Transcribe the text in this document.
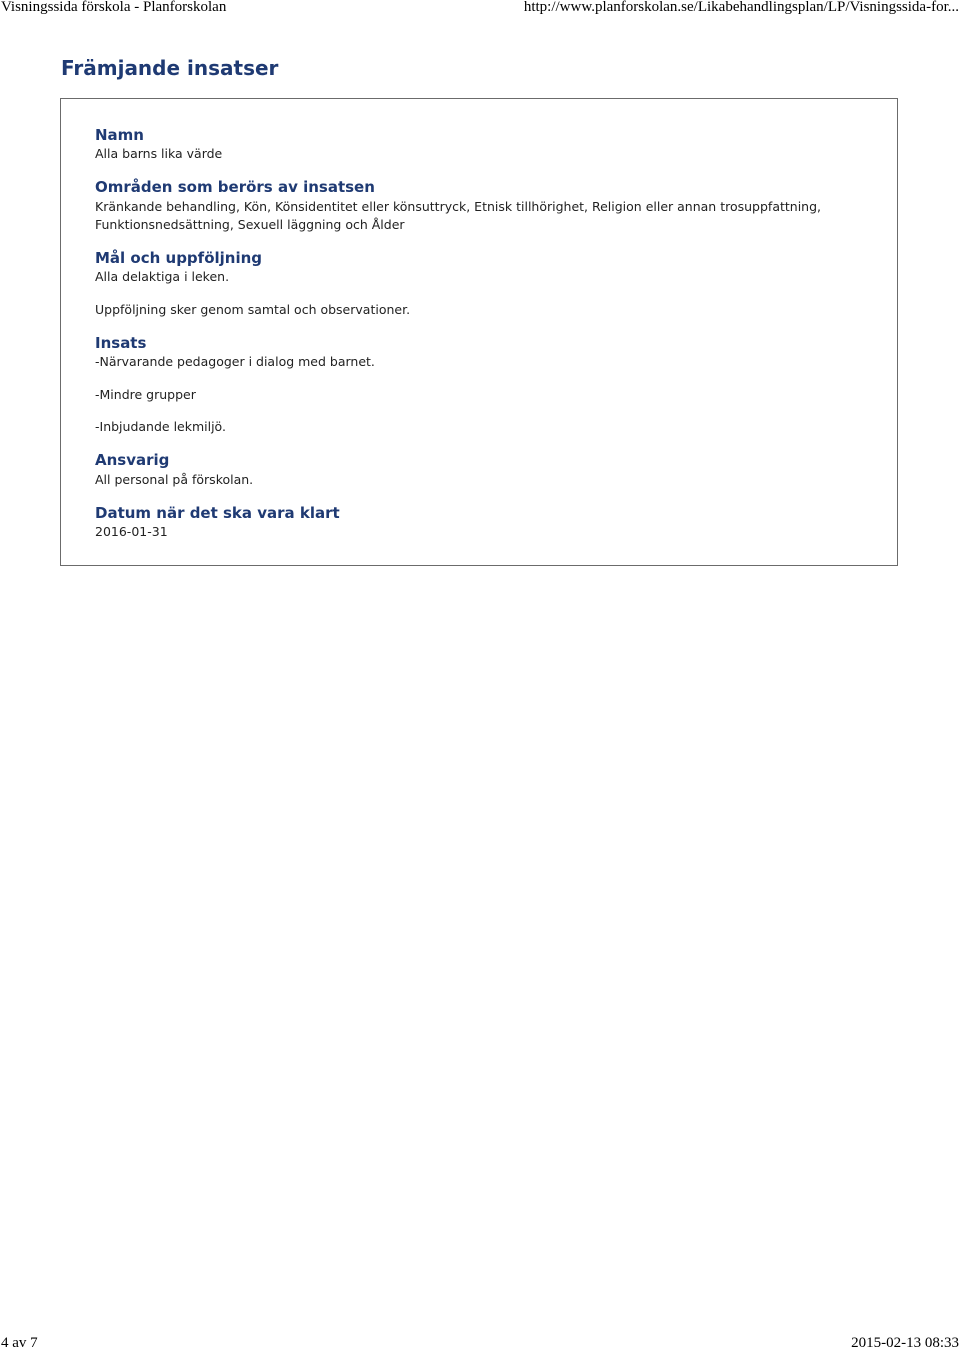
Visningssida förskola - Planforskolan	http://www.planforskolan.se/Likabehandlingsplan/LP/Visningssida-for...
Främjande insatser
Namn
Alla barns lika värde
Områden som berörs av insatsen
Kränkande behandling, Kön, Könsidentitet eller könsuttryck, Etnisk tillhörighet, Religion eller annan trosuppfattning,
Funktionsnedsättning, Sexuell läggning och Ålder
Mål och uppföljning
Alla delaktiga i leken.
Uppföljning sker genom samtal och observationer.
Insats
-Närvarande pedagoger i dialog med barnet.
-Mindre grupper
-Inbjudande lekmiljö.
Ansvarig
All personal på förskolan.
Datum när det ska vara klart
2016-01-31
4 av 7	2015-02-13 08:33
